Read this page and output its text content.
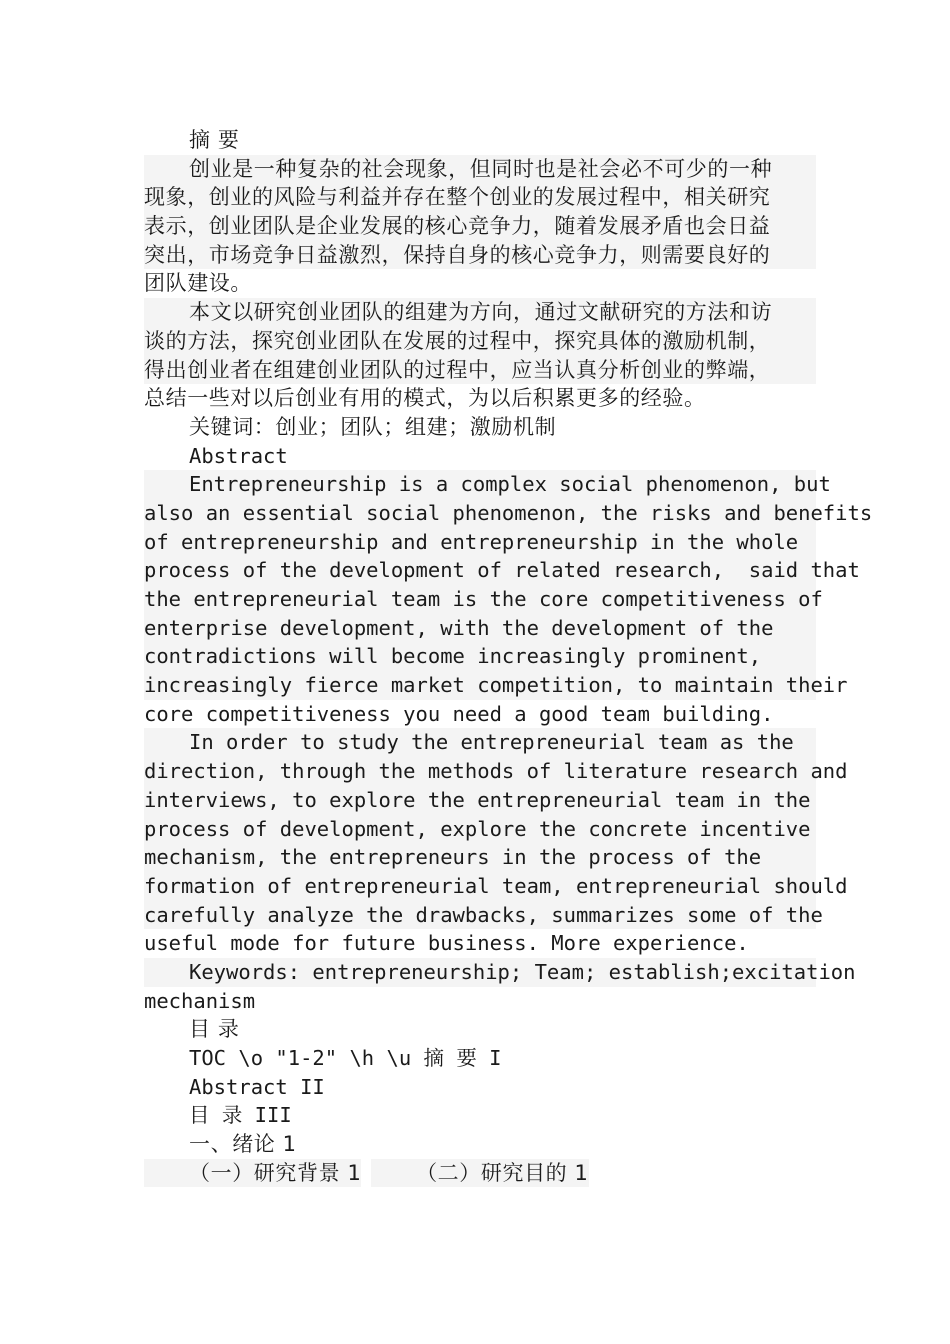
摘 要
创业是一种复杂的社会现象，但同时也是社会必不可少的一种
现象，创业的风险与利益并存在整个创业的发展过程中，相关研究
表示，创业团队是企业发展的核心竞争力，随着发展矛盾也会日益
突出，市场竞争日益激烈，保持自身的核心竞争力，则需要良好的
团队建设。
本文以研究创业团队的组建为方向，通过文献研究的方法和访
谈的方法，探究创业团队在发展的过程中，探究具体的激励机制，
得出创业者在组建创业团队的过程中，应当认真分析创业的弊端，
总结一些对以后创业有用的模式，为以后积累更多的经验。
关键词：创业；团队；组建；激励机制
Abstract
Entrepreneurship is a complex social phenomenon, but
also an essential social phenomenon, the risks and benefits
of entrepreneurship and entrepreneurship in the whole
process of the development of related research,  said that
the entrepreneurial team is the core competitiveness of
enterprise development, with the development of the
contradictions will become increasingly prominent,
increasingly fierce market competition, to maintain their
core competitiveness you need a good team building.
In order to study the entrepreneurial team as the
direction, through the methods of literature research and
interviews, to explore the entrepreneurial team in the
process of development, explore the concrete incentive
mechanism, the entrepreneurs in the process of the
formation of entrepreneurial team, entrepreneurial should
carefully analyze the drawbacks, summarizes some of the
useful mode for future business. More experience.
Keywords: entrepreneurship; Team; establish;excitation
mechanism
目 录
TOC \o "1-2" \h \u 摘 要 I
Abstract II
目 录 III
一、绪论 1
（一）研究背景 1	（二）研究目的 1
